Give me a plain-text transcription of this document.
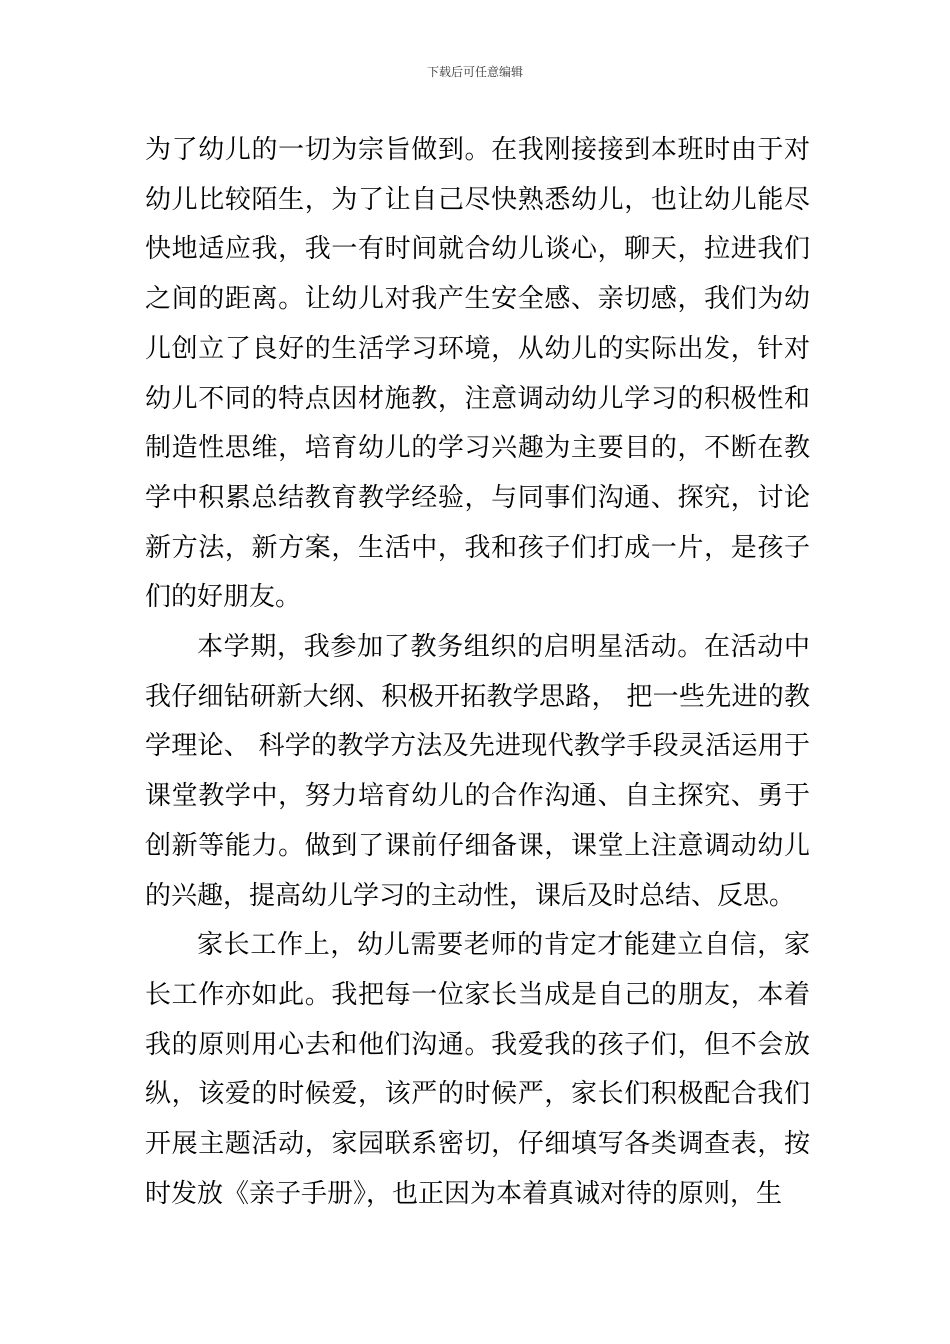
下载后可任意编辑

为了幼儿的一切为宗旨做到。在我刚接接到本班时由于对幼儿比较陌生，为了让自己尽快熟悉幼儿，也让幼儿能尽快地适应我，我一有时间就合幼儿谈心，聊天，拉进我们之间的距离。让幼儿对我产生安全感、亲切感，我们为幼儿创立了良好的生活学习环境，从幼儿的实际出发，针对幼儿不同的特点因材施教，注意调动幼儿学习的积极性和制造性思维，培育幼儿的学习兴趣为主要目的，不断在教学中积累总结教育教学经验，与同事们沟通、探究，讨论新方法，新方案，生活中，我和孩子们打成一片，是孩子们的好朋友。

本学期，我参加了教务组织的启明星活动。在活动中我仔细钻研新大纲、积极开拓教学思路， 把一些先进的教学理论、 科学的教学方法及先进现代教学手段灵活运用于课堂教学中，努力培育幼儿的合作沟通、自主探究、勇于创新等能力。做到了课前仔细备课，课堂上注意调动幼儿的兴趣，提高幼儿学习的主动性，课后及时总结、反思。

家长工作上，幼儿需要老师的肯定才能建立自信，家长工作亦如此。我把每一位家长当成是自己的朋友，本着我的原则用心去和他们沟通。我爱我的孩子们，但不会放纵，该爱的时候爱，该严的时候严，家长们积极配合我们开展主题活动，家园联系密切，仔细填写各类调查表，按时发放《亲子手册》，也正因为本着真诚对待的原则，生
